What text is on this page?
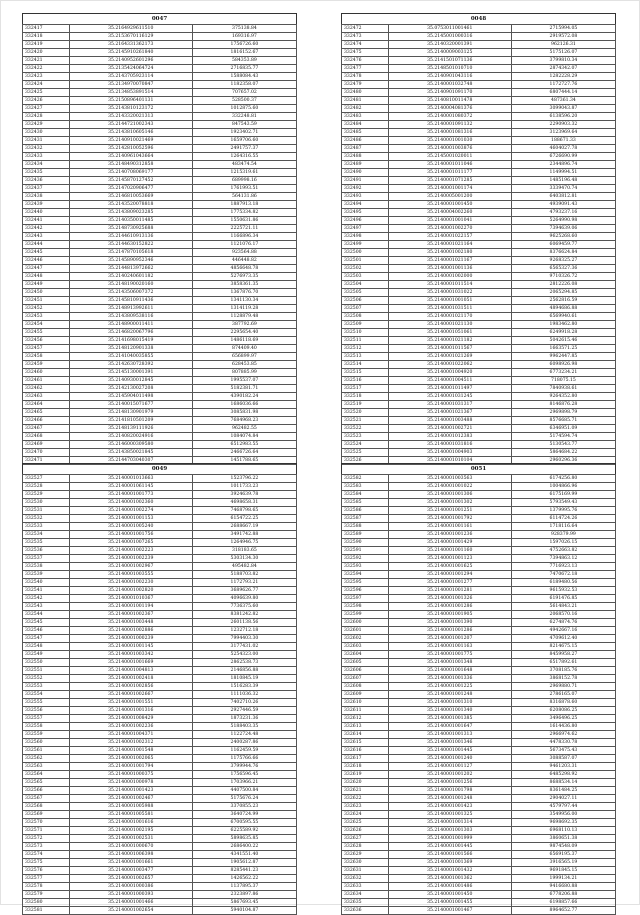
0047
332417	35.2164929611510	375138.84
332418	35.2153670116129	169316.97
332419	35.2164331362173	1756726.60
332420	35.2145910261840	1816152.67
332421	35.2140952601296	584353.89
332422	35.2135424064724	2716835.77
332423	35.2143705923114	1588084.43
332424	35.2134970070847	1182358.07
332425	35.2134853891514	707657.02
332426	35.2150896401131	528500.37
332427	35.2143810123172	1012875.60
332428	35.2143320021313	332248.81
332429	35.2144721002343	847543.59
332430	35.2143810605146	1923402.71
332431	35.2140910021469	1659706.60
332432	35.2142810052596	2491757.37
332433	35.2140961043664	1264316.55
332434	35.2148490312858	483474.54
332435	35.2140708069177	1215319.61
332436	35.2145870127452	689998.16
332437	35.2147020906477	1761993.51
332438	35.2146810053669	564131.86
332439	35.2143520078818	1887913.18
332440	35.2143809023285	1775334.82
332441	35.2140350011485	1550631.86
332442	35.2148730925688	2225721.11
332443	35.2144610913136	1166896.34
332444	35.2144630152822	1121076.17
332445	35.2147870105618	923564.88
332446	35.2145890952346	446448.82
332447	35.2144813972662	4856648.78
332448	35.2140240601182	5276973.35
332449	35.2148190020160	3858361.35
332450	35.2143506007372	1367876.70
332451	35.2145810911436	1341130.34
332452	35.2148913992611	1314119.28
332453	35.2143809538116	1128879.48
332454	35.2148900011411	387792.69
332455	35.2146820067796	2295654.40
332456	35.2141698015419	1486118.69
332457	35.2148120901338	874409.40
332458	35.2141040035855	656899.97
332459	35.2142630728392	628453.85
332460	35.2145130001391	807885.99
332461	35.2140930012845	1995537.07
332462	35.2142130027208	5182381.71
332463	35.2145904011498	4390182.24
332464	35.2140015071677	1686036.66
332465	35.2148130901979	3085831.98
332466	35.2141810501209	7684968.23
332467	35.2148139111926	962482.55
332468	35.2140820024916	1084074.84
332469	35.2146000309580	6512983.55
332470	35.2143850021845	2466726.64
332471	35.2144703040307	1451788.65
0048
332472	35.0753011001461	2715994.05
332473	35.2145001000316	2919572.08
332474	35.2140320001391	962126.31
332475	35.2140009003125	5175126.07
332476	35.2141501071136	3799810.34
332477	35.2148501010710	2874342.07
332478	35.2140901043116	1282228.29
332479	35.2140001032748	1172727.76
332480	35.2140901091170	6807444.14
332481	35.2140810011478	487361.34
332482	35.2140004081376	3099043.87
332483	35.2140001080372	6138596.20
332484	35.2140001091132	2290903.32
332485	35.2140001081316	3123969.64
332486	35.2140001001030	188671.33
332487	35.2140001003876	4604027.78
332488	35.2145001020011	6726690.99
332489	35.2140001011046	2344896.74
332490	35.2140001011177	1149994.51
332491	35.2140001071285	1485196.48
332492	35.2140001001174	3339470.74
332493	35.2140005001200	6403812.81
332494	35.2140001001450	4939091.43
332495	35.2140004002260	4793237.16
332496	35.2140001001041	5264990.98
332497	35.2140001002270	7394639.06
332498	35.2140001022157	9625268.60
332499	35.2140001021164	6069459.77
332500	35.2140001002180	8376624.84
332501	35.2140001021167	9268325.27
332502	35.2140001001136	6565327.36
332503	35.2140001002000	9710326.72
332504	35.2140001011514	2812226.08
332505	35.2140001031022	2065294.85
332506	35.2140001001051	2562816.59
332507	35.2140001031511	4894686.88
332508	35.2140001021170	6569940.61
332509	35.2140001021130	1983462.80
332510	35.2140001051061	6249918.28
332511	35.2140001021182	5042615.46
332512	35.2140001011567	1663571.25
332513	35.2140001021269	9962447.85
332514	35.2140001022062	6098926.98
332515	35.2140001004920	6773234.21
332516	35.2140001004511	718075.15
332517	35.2140001011497	7840938.61
332518	35.2140001031245	9264352.80
332519	35.2140001031317	8146876.28
332520	35.2140001021367	2969898.79
332521	35.2140001003488	8576685.71
332522	35.2140001002721	6346951.09
332523	35.2140001012383	5174594.74
332524	35.2140001031816	5130543.77
332525	35.2140001004903	5864684.22
332526	35.2140001010104	2960296.36
0049
332527	35.2140001013663	1523796.22
332528	35.2140001061145	1011733.23
332529	35.2140001001773	3924639.78
332530	35.2140001002360	4698658.31
332531	35.2140001002274	7468798.65
332532	35.2140001001153	6154722.25
332533	35.2140001005240	2688667.19
332534	35.2140001001756	3491742.88
332535	35.2140001007265	1264946.75
332536	35.2140001002223	318183.65
332537	35.2140001002239	5303134.30
332538	35.2140001002967	495482.84
332539	35.2140001003555	5188703.82
332540	35.2140001002230	1172793.21
332541	35.2140001002820	3689626.77
332542	35.2140001010367	4096639.80
332543	35.2140001001194	7736375.60
332544	35.2140001002367	8381242.82
332545	35.2140001003448	2601138.56
332546	35.2140001002886	1232712.18
332547	35.2140001000239	7994403.30
332548	35.2140001001145	3177431.02
332549	35.2140001003342	5254323.00
332550	35.2140001001669	2862538.73
332551	35.2140001004813	2146856.88
332552	35.2140001002418	1810845.19
332553	35.2140001002856	1516283.39
332554	35.2140001002667	1111036.32
332555	35.2140001001551	7402710.26
332556	35.2140001001316	2927446.59
332557	35.2140001008429	1873231.36
332558	35.2140001002236	5188403.35
332559	35.2140001004371	1122724.48
332560	35.2140001002312	2400287.86
332561	35.2140001001548	1162459.59
332562	35.2140001002065	1175766.66
332563	35.2140001001794	3799944.76
332564	35.2140001000375	1756596.45
332565	35.2140001000978	1703966.21
332566	35.2140001001423	4407500.84
332567	35.2140001002467	5175676.24
332568	35.2140001005988	3370855.23
332569	35.2140001005581	3640724.99
332570	35.2140001001616	6700595.55
332571	35.2140001002195	6225589.92
332572	35.2140001002531	5898635.85
332573	35.2140001000670	2686400.22
332574	35.2140001006398	4341551.40
332575	35.2140001001661	1905612.87
332576	35.2140001003477	8285441.23
332577	35.2140001002657	1426562.22
332578	35.2140001000386	1137895.37
332579	35.2140001000393	2323897.86
332580	35.2140001001466	5867693.45
332581	35.2140001002654	5940104.87
0051
332582	35.2140001003563	6174256.80
332583	35.2140001001022	1004866.96
332584	35.2140001001306	6175169.99
332585	35.2140001001302	5793549.43
332586	35.2140001001251	1379995.76
332587	35.2140001001792	6114724.26
332588	35.2140001001161	1718116.64
332589	35.2140001001236	928379.99
332590	35.2140001001429	1597026.15
332591	35.2140001001160	4752663.82
332592	35.2140001001123	7394863.12
332593	35.2140001001625	7716923.13
332594	35.2140001001294	7470672.18
332595	35.2140001001277	6189480.56
332596	35.2140001001281	9615932.53
332597	35.2140001001326	6191476.85
332598	35.2140001001286	5614843.21
332599	35.2140001001905	2068570.16
332600	35.2140001001390	6274874.76
332601	35.2140001001286	4942667.16
332602	35.2140001001207	4709612.40
332603	35.2140001001163	8214675.15
332604	35.2140001001775	8459958.27
332605	35.2140001001348	6517892.61
332606	35.2140001001648	3708185.76
332607	35.2140001001336	3868152.78
332608	35.2140001001225	2969880.71
332609	35.2140001001248	2786165.07
332610	35.2140001001310	8316878.60
332611	35.2140001001340	6208086.25
332612	35.2140001001385	3496496.25
332613	35.2140001001647	1614436.80
332614	35.2140001001313	2966974.62
332615	35.2140001001346	4478330.78
332616	35.2140001001445	5673475.43
332617	35.2140001001240	3088587.07
332618	35.2140001001127	9461203.31
332619	35.2140001001202	6485298.92
332620	35.2140001001256	8688534.14
332621	35.2140001001798	8361484.25
332622	35.2140001001248	2904027.11
332623	35.2140001001423	4579797.44
332624	35.2140001001325	3549956.00
332625	35.2140001001314	9698692.35
332626	35.2140001001303	6968110.13
332627	35.2140001001999	3860651.38
332628	35.2140001001445	9874548.09
332629	35.2140001001566	6569195.37
332630	35.2140001001369	3916565.19
332631	35.2140001001432	9691845.15
332632	35.2140001001362	1999134.21
332633	35.2140001001486	9416680.88
332634	35.2140001001450	6778206.88
332635	35.2140001001455	6198857.66
332636	35.2140001001467	8964652.77
